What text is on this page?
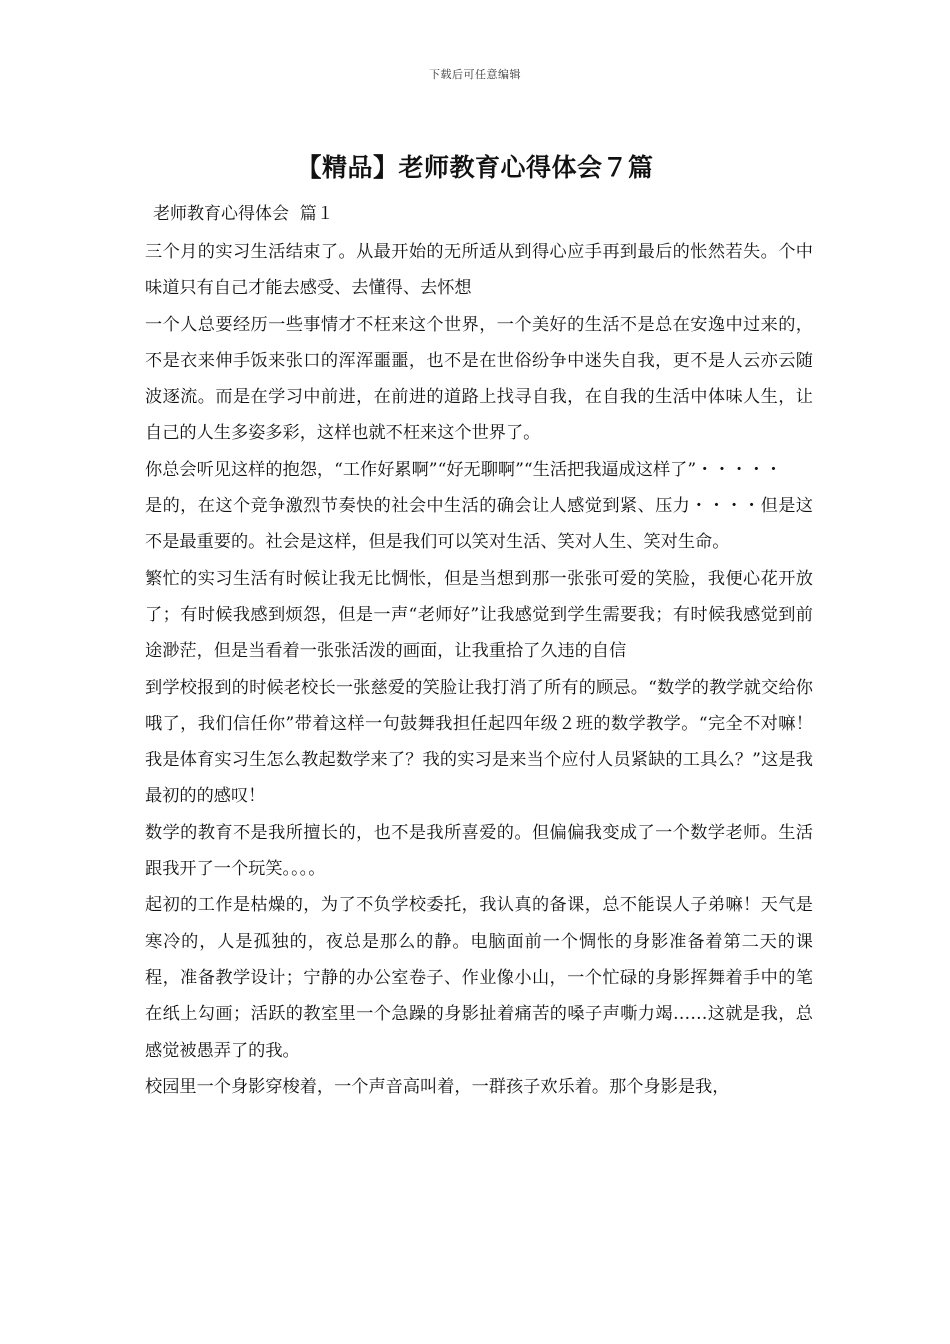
下载后可任意编辑
【精品】老师教育心得体会７篇
老师教育心得体会  篇１

三个月的实习生活结束了。从最开始的无所适从到得心应手再到最后的怅然若失。个中味道只有自己才能去感受、去懂得、去怀想

一个人总要经历一些事情才不枉来这个世界，一个美好的生活不是总在安逸中过来的，不是衣来伸手饭来张口的浑浑噩噩，也不是在世俗纷争中迷失自我，更不是人云亦云随波逐流。而是在学习中前进，在前进的道路上找寻自我，在自我的生活中体味人生，让自己的人生多姿多彩，这样也就不枉来这个世界了。

你总会听见这样的抱怨，“工作好累啊”“好无聊啊”“生活把我逼成这样了”・・・・・

是的，在这个竞争激烈节奏快的社会中生活的确会让人感觉到紧、压力・・・・但是这不是最重要的。社会是这样，但是我们可以笑对生活、笑对人生、笑对生命。

繁忙的实习生活有时候让我无比惆怅，但是当想到那一张张可爱的笑脸，我便心花开放了；有时候我感到烦怨，但是一声“老师好”让我感觉到学生需要我；有时候我感觉到前途渺茫，但是当看着一张张活泼的画面，让我重拾了久违的自信

到学校报到的时候老校长一张慈爱的笑脸让我打消了所有的顾忌。“数学的教学就交给你哦了，我们信任你”带着这样一句鼓舞我担任起四年级２班的数学教学。“完全不对嘛！我是体育实习生怎么教起数学来了？我的实习是来当个应付人员紧缺的工具么？”这是我最初的的感叹！

数学的教育不是我所擅长的，也不是我所喜爱的。但偏偏我变成了一个数学老师。生活跟我开了一个玩笑。。。。

起初的工作是枯燥的，为了不负学校委托，我认真的备课，总不能误人子弟嘛！天气是寒冷的，人是孤独的，夜总是那么的静。电脑面前一个惆怅的身影准备着第二天的课程，准备教学设计；宁静的办公室卷子、作业像小山，一个忙碌的身影挥舞着手中的笔在纸上勾画；活跃的教室里一个急躁的身影扯着痛苦的嗓子声嘶力竭……这就是我，总感觉被愚弄了的我。

校园里一个身影穿梭着，一个声音高叫着，一群孩子欢乐着。那个身影是我，
